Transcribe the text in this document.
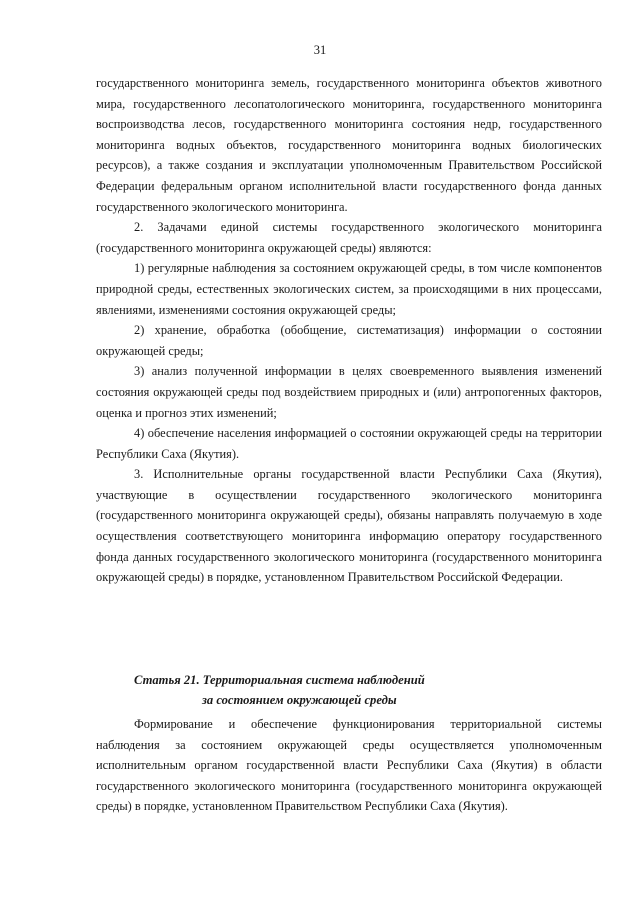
31

государственного мониторинга земель, государственного мониторинга объектов животного мира, государственного лесопатологического мониторинга, государственного мониторинга воспроизводства лесов, государственного мониторинга состояния недр, государственного мониторинга водных объектов, государственного мониторинга водных биологических ресурсов), а также создания и эксплуатации уполномоченным Правительством Российской Федерации федеральным органом исполнительной власти государственного фонда данных государственного экологического мониторинга.

2. Задачами единой системы государственного экологического мониторинга (государственного мониторинга окружающей среды) являются:

1) регулярные наблюдения за состоянием окружающей среды, в том числе компонентов природной среды, естественных экологических систем, за происходящими в них процессами, явлениями, изменениями состояния окружающей среды;

2) хранение, обработка (обобщение, систематизация) информации о состоянии окружающей среды;

3) анализ полученной информации в целях своевременного выявления изменений состояния окружающей среды под воздействием природных и (или) антропогенных факторов, оценка и прогноз этих изменений;

4) обеспечение населения информацией о состоянии окружающей среды на территории Республики Саха (Якутия).

3. Исполнительные органы государственной власти Республики Саха (Якутия), участвующие в осуществлении государственного экологического мониторинга (государственного мониторинга окружающей среды), обязаны направлять получаемую в ходе осуществления соответствующего мониторинга информацию оператору государственного фонда данных государственного экологического мониторинга (государственного мониторинга окружающей среды) в порядке, установленном Правительством Российской Федерации.

Статья 21. Территориальная система наблюдений
за состоянием окружающей среды

Формирование и обеспечение функционирования территориальной системы наблюдения за состоянием окружающей среды осуществляется уполномоченным исполнительным органом государственной власти Республики Саха (Якутия) в области государственного экологического мониторинга (государственного мониторинга окружающей среды) в порядке, установленном Правительством Республики Саха (Якутия).
